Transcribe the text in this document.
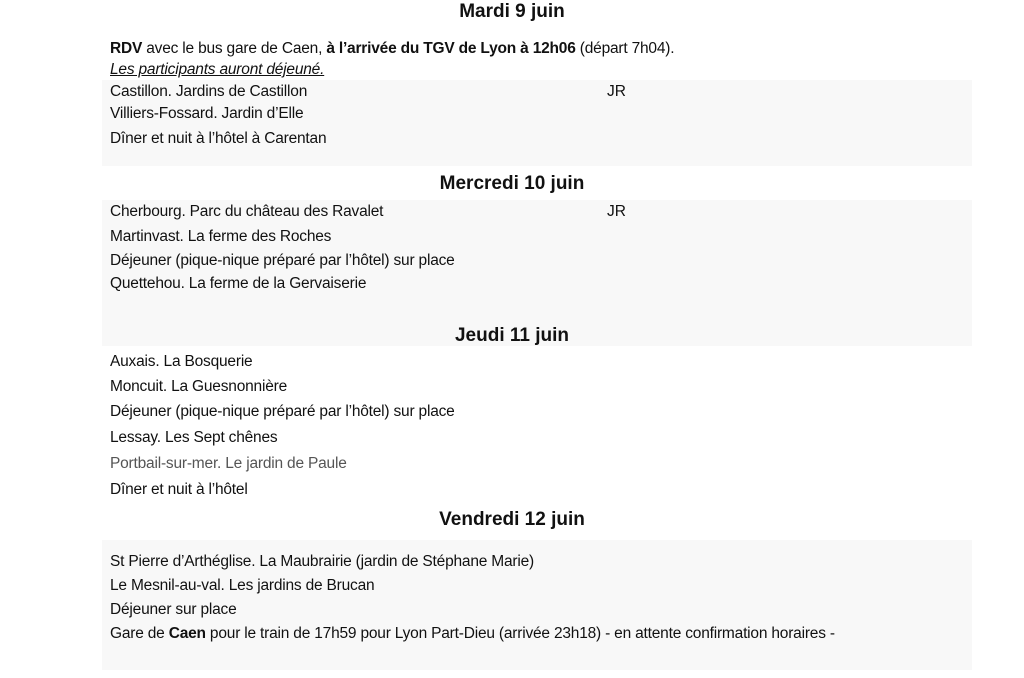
Mardi 9 juin
RDV avec le bus gare de Caen, à l’arrivée du TGV de Lyon à 12h06 (départ 7h04).
Les participants auront déjeuné.
Castillon. Jardins de Castillon	JR
Villiers-Fossard. Jardin d’Elle
Dîner et nuit à l’hôtel à Carentan
Mercredi 10 juin
Cherbourg. Parc du château des Ravalet	JR
Martinvast. La ferme des Roches
Déjeuner (pique-nique préparé par l’hôtel) sur place
Quettehou. La ferme de la Gervaiserie
Jeudi 11 juin
Auxais. La Bosquerie
Moncuit. La Guesnonnière
Déjeuner (pique-nique préparé par l’hôtel) sur place
Lessay. Les Sept chênes
Portbail-sur-mer. Le jardin de Paule
Dîner et nuit à l’hôtel
Vendredi 12 juin
St Pierre d’Arthéglise. La Maubrairie (jardin de Stéphane Marie)
Le Mesnil-au-val. Les jardins de Brucan
Déjeuner sur place
Gare de Caen pour le train de 17h59 pour Lyon Part-Dieu (arrivée 23h18) - en attente confirmation horaires -
